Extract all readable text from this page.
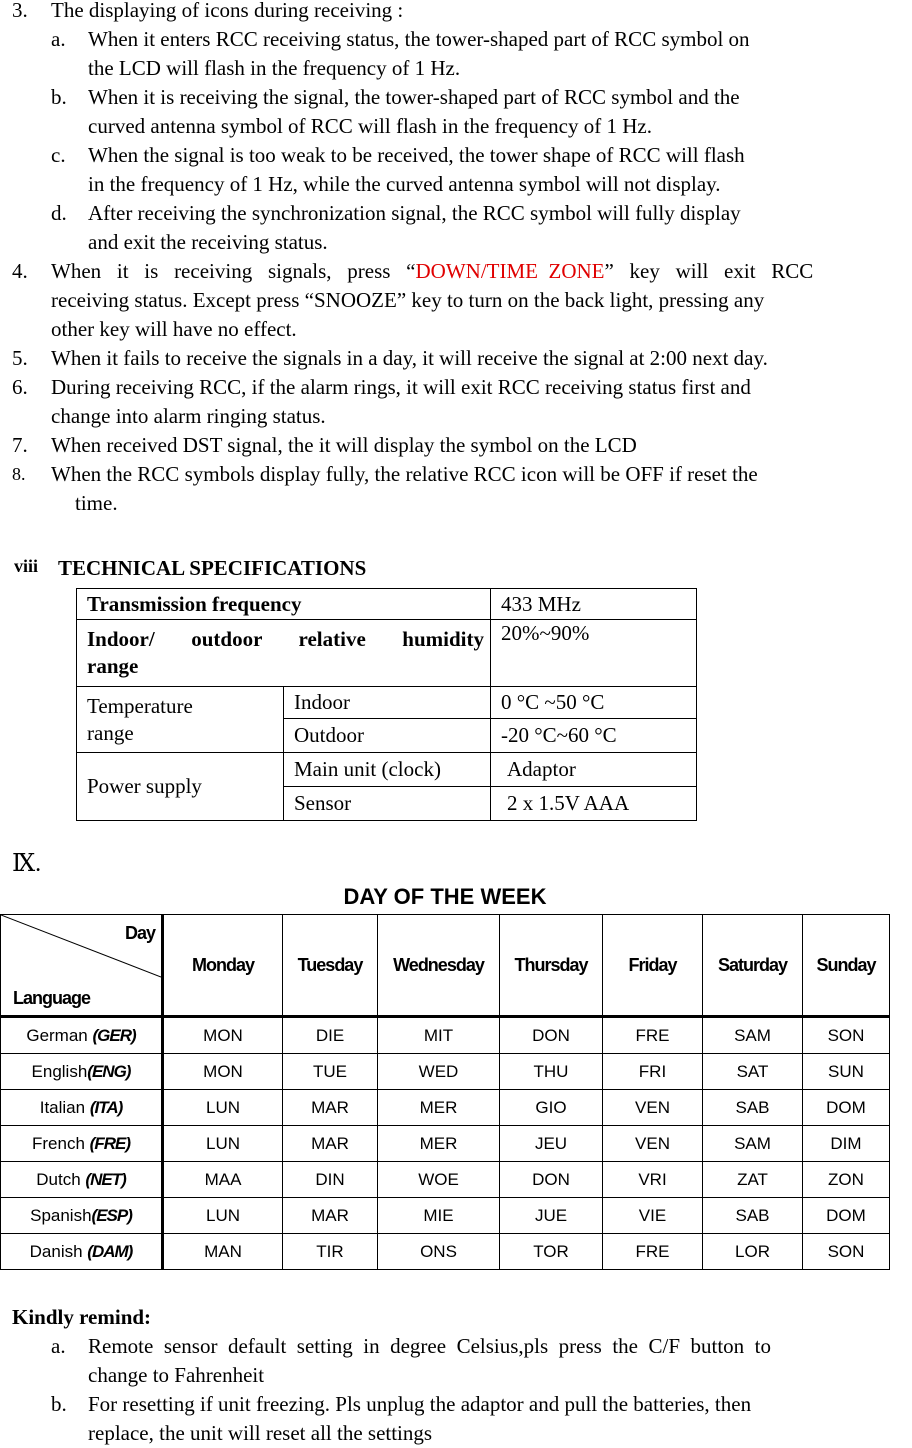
3. The displaying of icons during receiving :
a. When it enters RCC receiving status, the tower-shaped part of RCC symbol on
the LCD will flash in the frequency of 1 Hz.
b. When it is receiving the signal, the tower-shaped part of RCC symbol and the
curved antenna symbol of RCC will flash in the frequency of 1 Hz.
c. When the signal is too weak to be received, the tower shape of RCC will flash
in the frequency of 1 Hz, while the curved antenna symbol will not display.
d. After receiving the synchronization signal, the RCC symbol will fully display
and exit the receiving status.
4. When   it   is   receiving   signals,   press   “DOWN/TIME  ZONE”   key   will   exit   RCC
receiving status. Except press “SNOOZE” key to turn on the back light, pressing any
other key will have no effect.
5. When it fails to receive the signals in a day, it will receive the signal at 2:00 next day.
6. During receiving RCC, if the alarm rings, it will exit RCC receiving status first and
change into alarm ringing status.
7. When received DST signal, the it will display the symbol on the LCD
8. When the RCC symbols display fully, the relative RCC icon will be OFF if reset the
time.
viii TECHNICAL SPECIFICATIONS
Transmission frequency		433 MHz

Indoor/  outdoor  relative  humidity
range		20%~90%

Temperature
range	Indoor	0 °C ~50 °C
	Outdoor	-20 °C~60 °C
Power supply	Main unit (clock)	Adaptor
	Sensor	2 x 1.5V AAA
Ⅸ.
DAY OF THE WEEK
Day
Language	Monday	Tuesday	Wednesday	Thursday	Friday	Saturday	Sunday
German (GER)	MON	DIE	MIT	DON	FRE	SAM	SON
English(ENG)	MON	TUE	WED	THU	FRI	SAT	SUN
Italian (ITA)	LUN	MAR	MER	GIO	VEN	SAB	DOM
French (FRE)	LUN	MAR	MER	JEU	VEN	SAM	DIM
Dutch (NET)	MAA	DIN	WOE	DON	VRI	ZAT	ZON
Spanish(ESP)	LUN	MAR	MIE	JUE	VIE	SAB	DOM
Danish (DAM)	MAN	TIR	ONS	TOR	FRE	LOR	SON
Kindly remind:
a. Remote  sensor  default  setting  in  degree  Celsius,pls  press  the  C/F  button  to
change to Fahrenheit
b. For resetting if unit freezing. Pls unplug the adaptor and pull the batteries, then
replace, the unit will reset all the settings
